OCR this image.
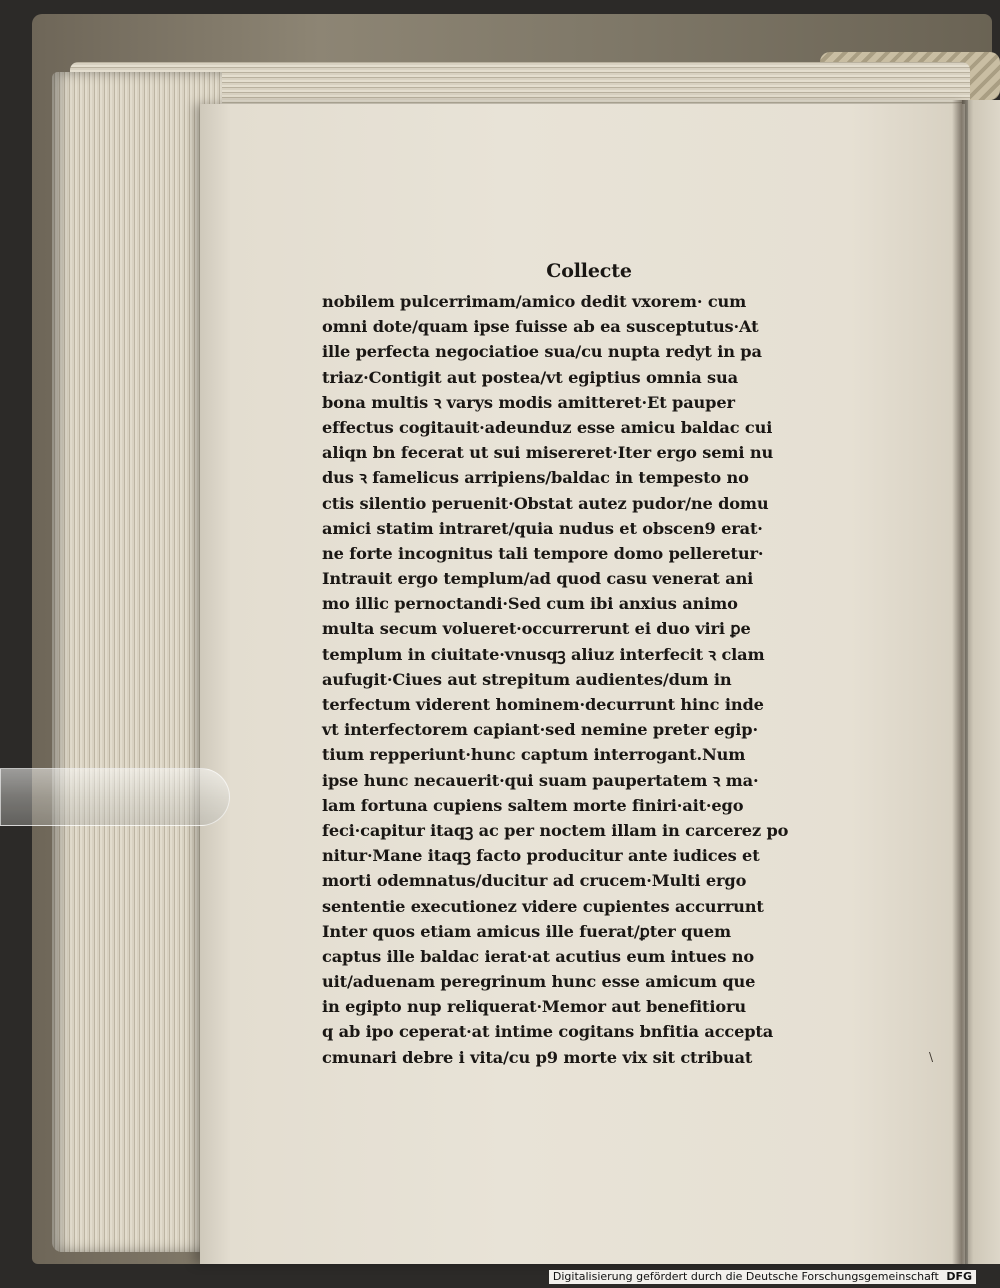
Collecte
nobilem pulcerrimam/amico dedit vxorem· cum
omni dote/quam ipse fuisse ab ea susceptutus·At
ille perfecta negociatioe sua/cu nupta redyt in pa
triaz·Contigit aut postea/vt egiptius omnia sua
bona multis ꝛ varys modis amitteret·Et pauper
effectus cogitauit·adeunduz esse amicu baldac cui
aliqn bn fecerat ut sui misereret·Iter ergo semi nu
dus ꝛ famelicus arripiens/baldac in tempesto no
ctis silentio peruenit·Obstat autez pudor/ne domu
amici statim intraret/quia nudus et obscen9 erat·
ne forte incognitus tali tempore domo pelleretur·
Intrauit ergo templum/ad quod casu venerat ani
mo illic pernoctandi·Sed cum ibi anxius animo
multa secum volueret·occurrerunt ei duo viri ꝑe
templum in ciuitate·vnusqꝫ aliuz interfecit ꝛ clam
aufugit·Ciues aut strepitum audientes/dum in
terfectum viderent hominem·decurrunt hinc inde
vt interfectorem capiant·sed nemine preter egip·
tium repperiunt·hunc captum interrogant.Num
ipse hunc necauerit·qui suam paupertatem ꝛ ma·
lam fortuna cupiens saltem morte finiri·ait·ego
feci·capitur itaqꝫ ac per noctem illam in carcerez po
nitur·Mane itaqꝫ facto producitur ante iudices et
morti odemnatus/ducitur ad crucem·Multi ergo
sententie executionez videre cupientes accurrunt
Inter quos etiam amicus ille fuerat/ꝑter quem
captus ille baldac ierat·at acutius eum intues no
uit/aduenam peregrinum hunc esse amicum que
in egipto nup reliquerat·Memor aut benefitioru
q ab ipo ceperat·at intime cogitans bnfitia accepta
cmunari debre i vita/cu p9 morte vix sit ctribuat	\
Digitalisierung gefördert durch die Deutsche Forschungsgemeinschaft DFG
